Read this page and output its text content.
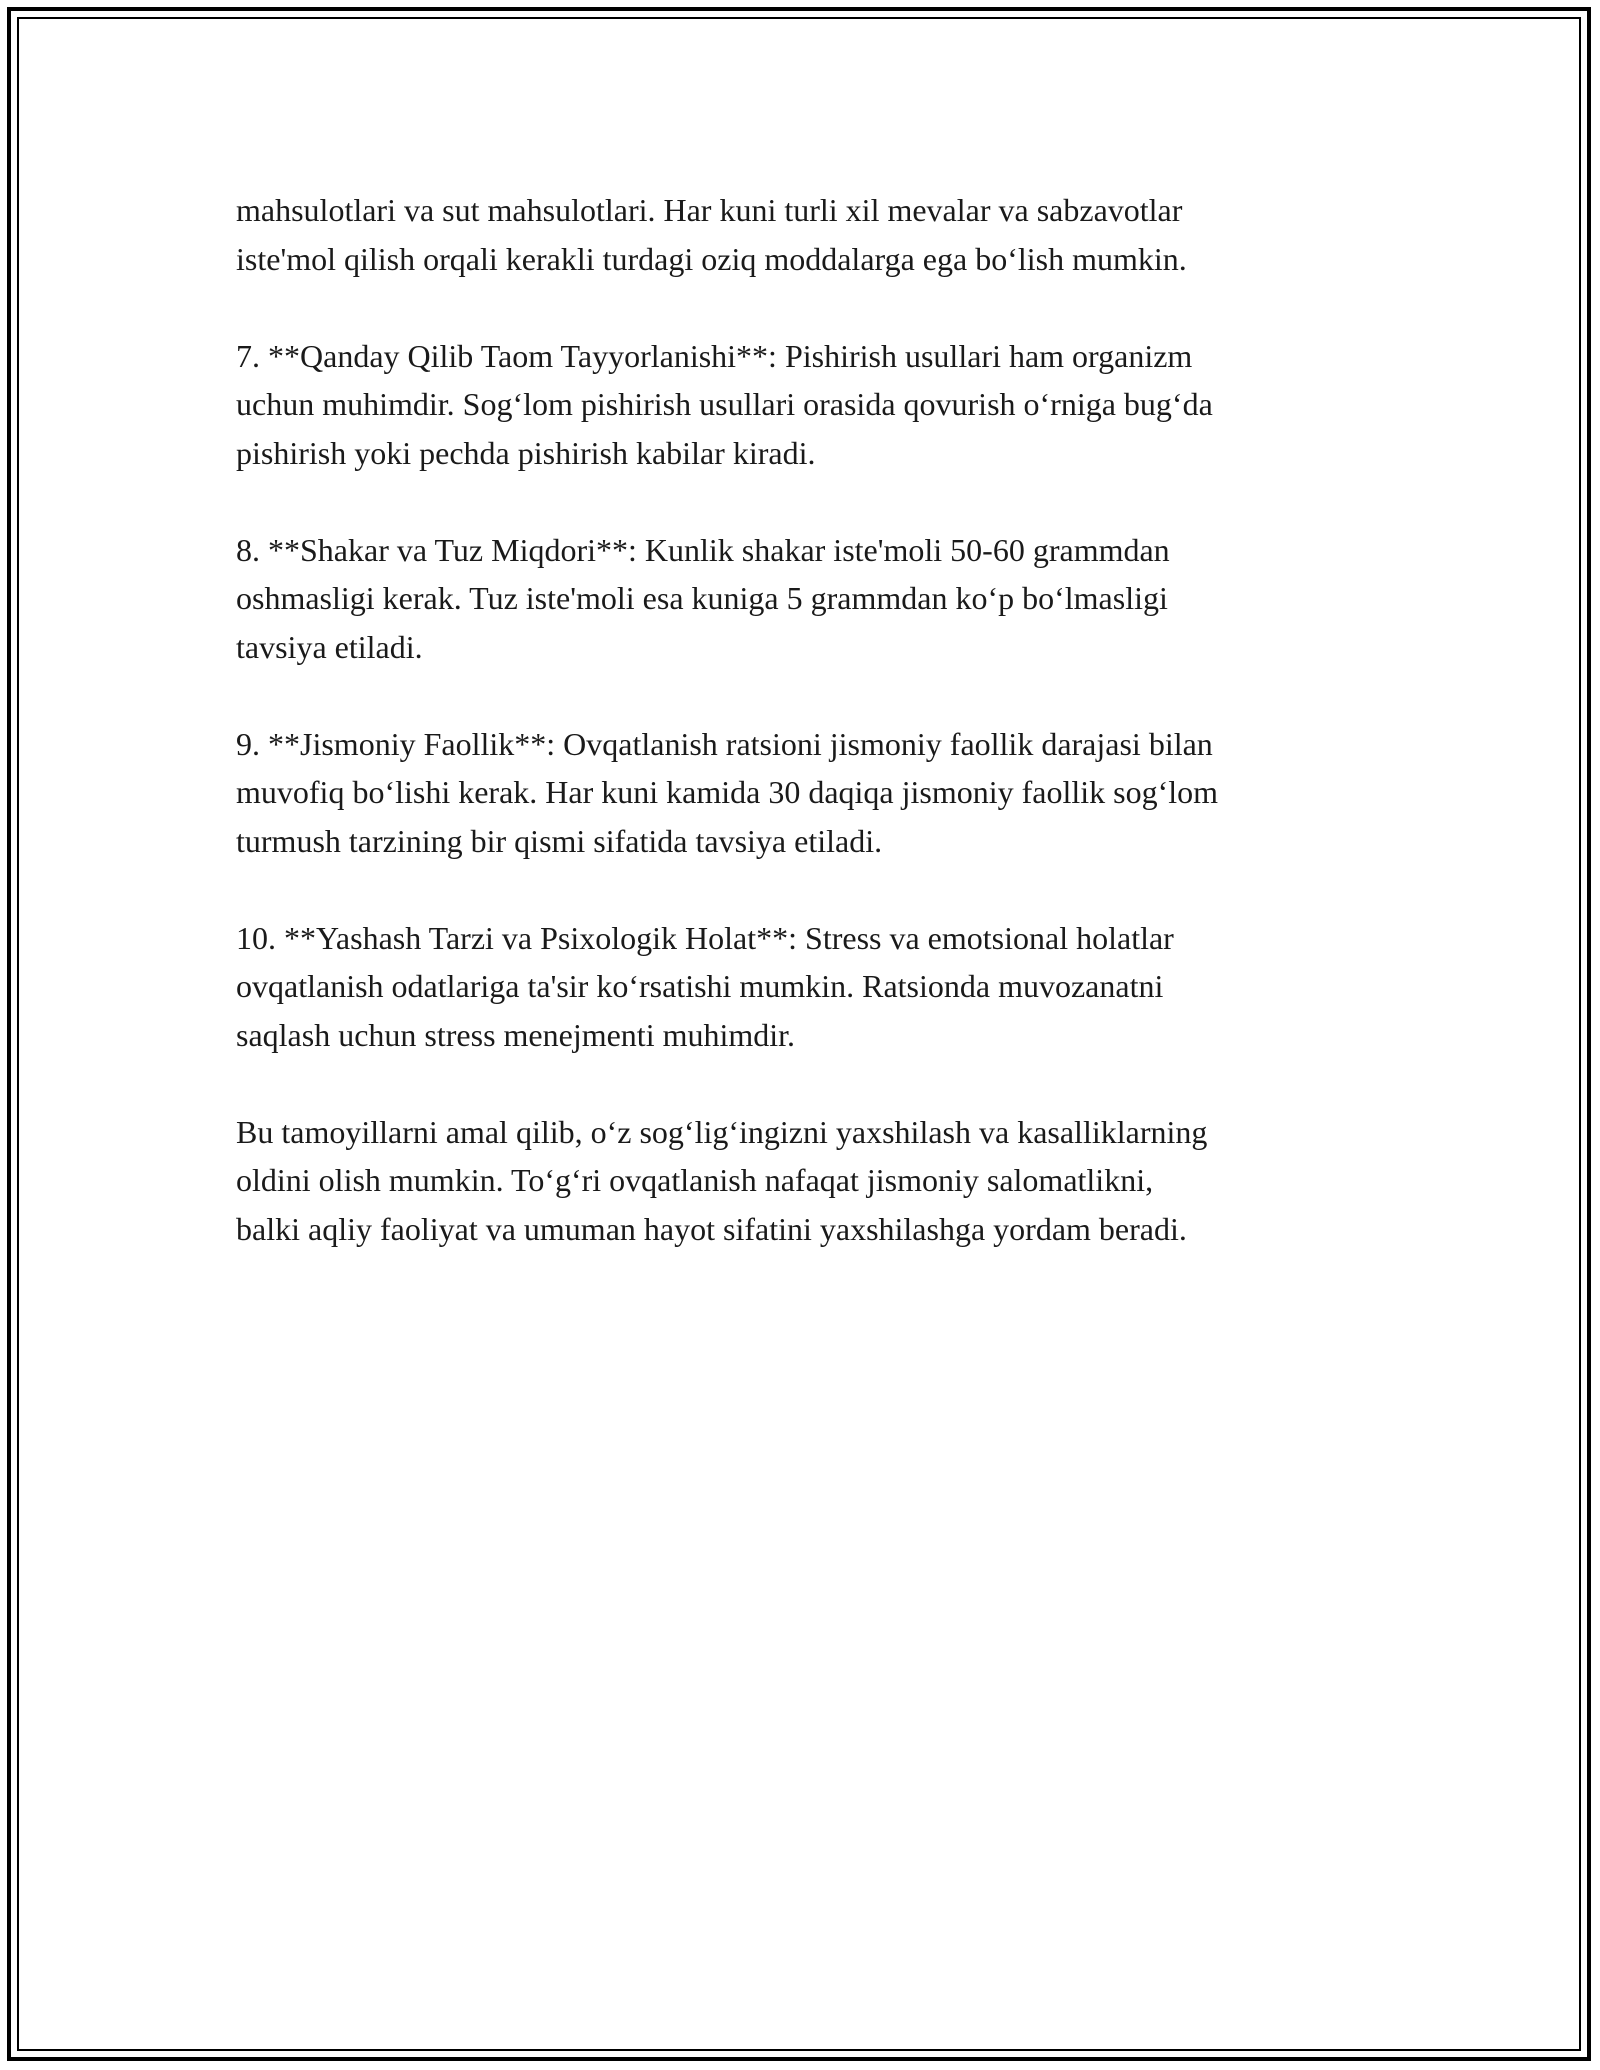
mahsulotlari va sut mahsulotlari. Har kuni turli xil mevalar va sabzavotlar
iste'mol qilish orqali kerakli turdagi oziq moddalarga ega bo‘lish mumkin.

7. **Qanday Qilib Taom Tayyorlanishi**: Pishirish usullari ham organizm
uchun muhimdir. Sog‘lom pishirish usullari orasida qovurish o‘rniga bug‘da
pishirish yoki pechda pishirish kabilar kiradi.

8. **Shakar va Tuz Miqdori**: Kunlik shakar iste'moli 50-60 grammdan
oshmasligi kerak. Tuz iste'moli esa kuniga 5 grammdan ko‘p bo‘lmasligi
tavsiya etiladi.

9. **Jismoniy Faollik**: Ovqatlanish ratsioni jismoniy faollik darajasi bilan
muvofiq bo‘lishi kerak. Har kuni kamida 30 daqiqa jismoniy faollik sog‘lom
turmush tarzining bir qismi sifatida tavsiya etiladi.

10. **Yashash Tarzi va Psixologik Holat**: Stress va emotsional holatlar
ovqatlanish odatlariga ta'sir ko‘rsatishi mumkin. Ratsionda muvozanatni
saqlash uchun stress menejmenti muhimdir.

Bu tamoyillarni amal qilib, o‘z sog‘lig‘ingizni yaxshilash va kasalliklarning
oldini olish mumkin. To‘g‘ri ovqatlanish nafaqat jismoniy salomatlikni,
balki aqliy faoliyat va umuman hayot sifatini yaxshilashga yordam beradi.
